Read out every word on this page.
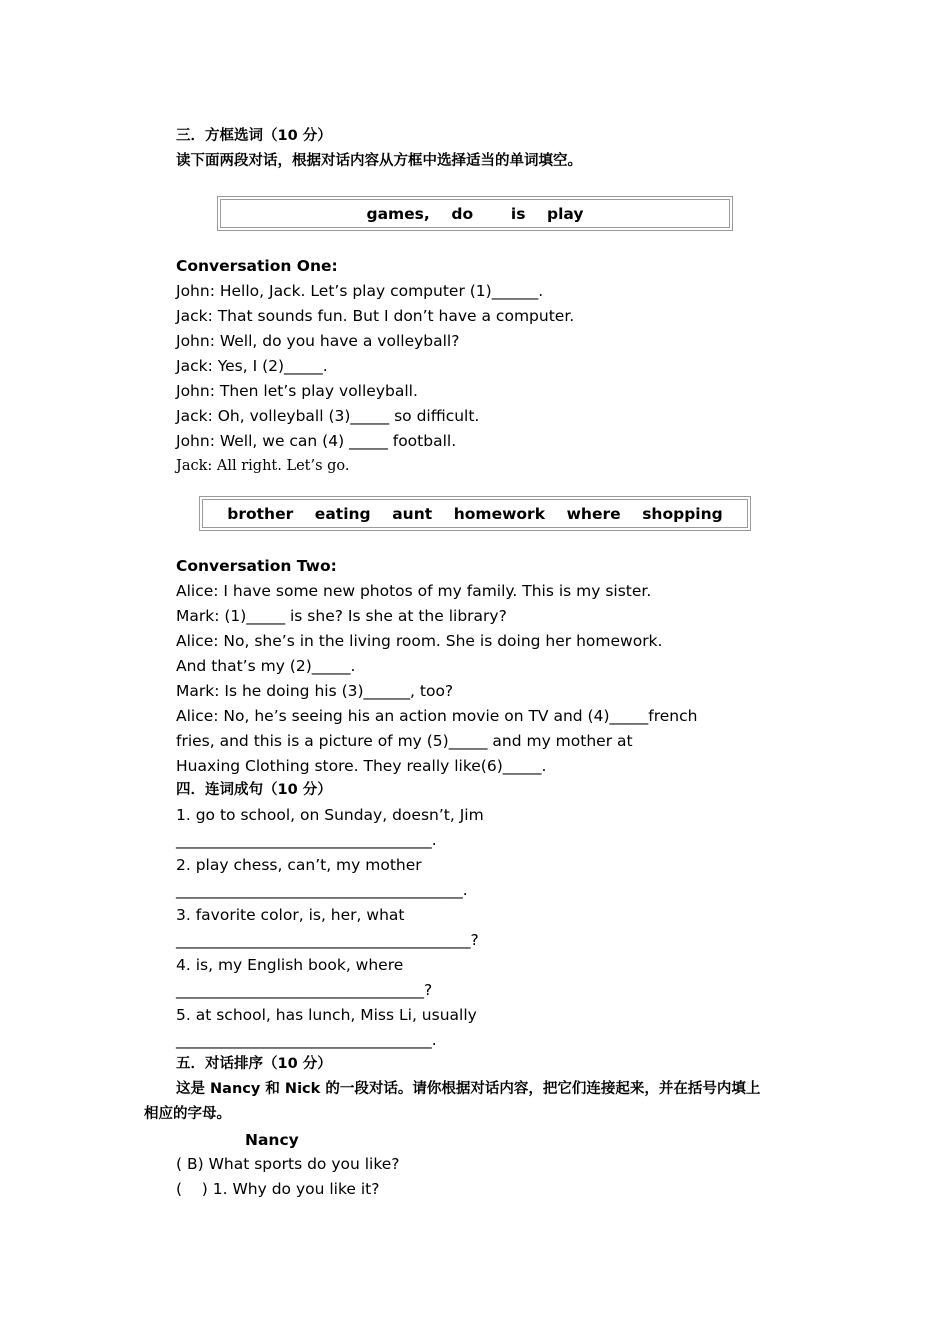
三．方框选词（10 分）
读下面两段对话，根据对话内容从方框中选择适当的单词填空。
games,    do       is    play
Conversation One:
John: Hello, Jack. Let’s play computer (1)______.
Jack: That sounds fun. But I don’t have a computer.
John: Well, do you have a volleyball?
Jack: Yes, I (2)_____.
John: Then let’s play volleyball.
Jack: Oh, volleyball (3)_____ so difficult.
John: Well, we can (4) _____ football.
Jack: All right. Let’s go.
brother    eating    aunt    homework    where    shopping
Conversation Two:
Alice: I have some new photos of my family. This is my sister.
Mark: (1)_____ is she? Is she at the library?
Alice: No, she’s in the living room. She is doing her homework.
And that’s my (2)_____.
Mark: Is he doing his (3)______, too?
Alice: No, he’s seeing his an action movie on TV and (4)_____french
fries, and this is a picture of my (5)_____ and my mother at
Huaxing Clothing store. They really like(6)_____.
四．连词成句（10 分）
1. go to school, on Sunday, doesn’t, Jim
_________________________________.
2. play chess, can’t, my mother
_____________________________________.
3. favorite color, is, her, what
______________________________________?
4. is, my English book, where
________________________________?
5. at school, has lunch, Miss Li, usually
_________________________________.
五．对话排序（10 分）
这是 Nancy 和 Nick 的一段对话。请你根据对话内容，把它们连接起来，并在括号内填上
相应的字母。
Nancy
( B) What sports do you like?
(    ) 1. Why do you like it?
